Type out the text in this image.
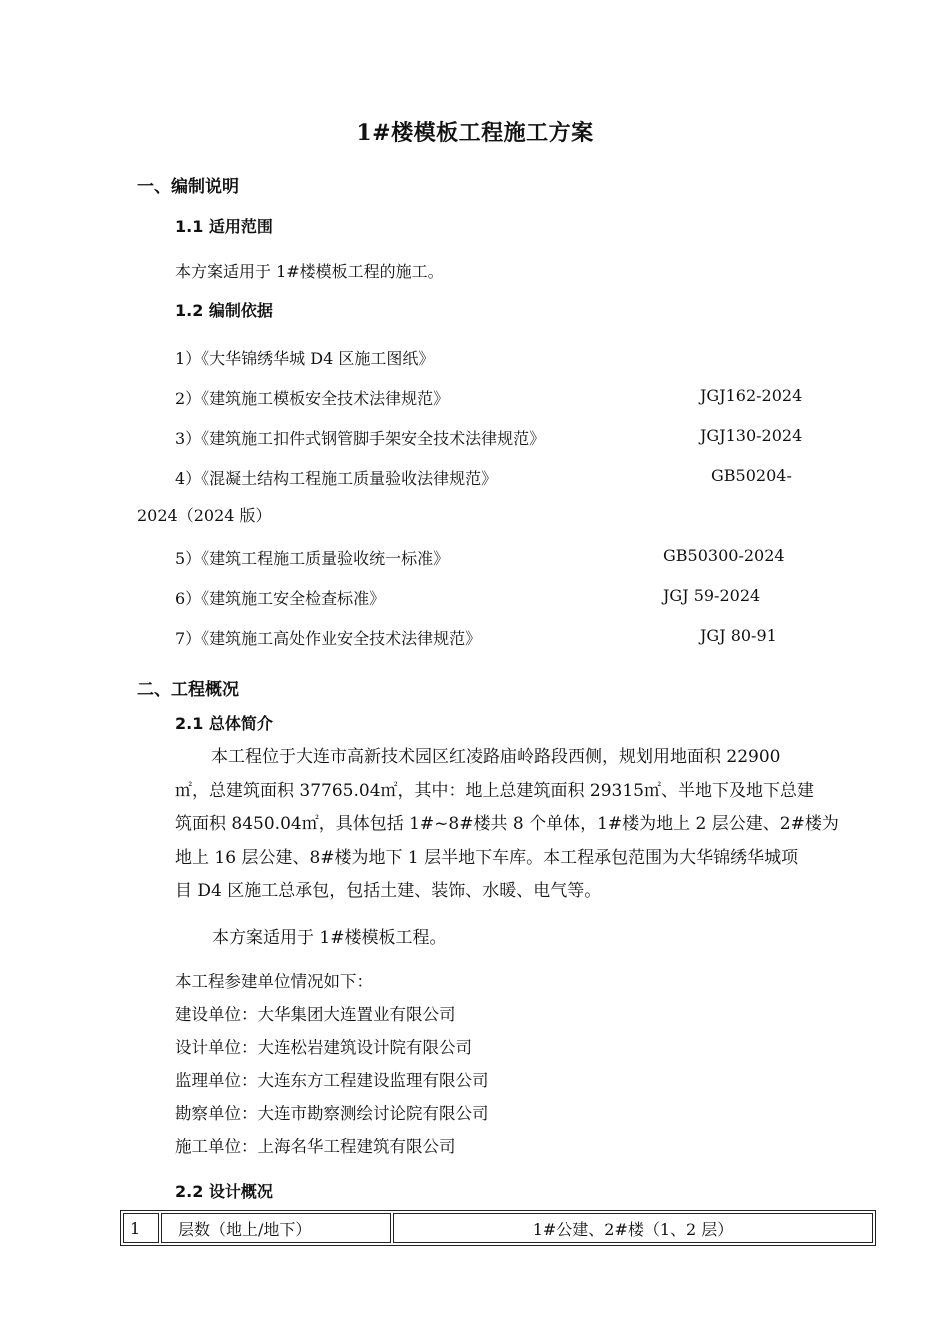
1#楼模板工程施工方案
一、编制说明
1.1 适用范围
本方案适用于 1#楼模板工程的施工。
1.2 编制依据
1）《大华锦绣华城 D4 区施工图纸》
2）《建筑施工模板安全技术法律规范》	JGJ162-2024
3）《建筑施工扣件式钢管脚手架安全技术法律规范》	JGJ130-2024
4）《混凝土结构工程施工质量验收法律规范》	GB50204-
2024（2024 版）
5）《建筑工程施工质量验收统一标准》	GB50300-2024
6）《建筑施工安全检查标准》	JGJ 59-2024
7）《建筑施工高处作业安全技术法律规范》	JGJ 80-91
二、工程概况
2.1 总体简介
本工程位于大连市高新技术园区红凌路庙岭路段西侧，规划用地面积 22900
㎡，总建筑面积 37765.04㎡，其中：地上总建筑面积 29315㎡、半地下及地下总建
筑面积 8450.04㎡，具体包括 1#~8#楼共 8 个单体，1#楼为地上 2 层公建、2#楼为
地上 16 层公建、8#楼为地下 1 层半地下车库。本工程承包范围为大华锦绣华城项
目 D4 区施工总承包，包括土建、装饰、水暖、电气等。
本方案适用于 1#楼模板工程。
本工程参建单位情况如下：
建设单位：大华集团大连置业有限公司
设计单位：大连松岩建筑设计院有限公司
监理单位：大连东方工程建设监理有限公司
勘察单位：大连市勘察测绘讨论院有限公司
施工单位：上海名华工程建筑有限公司
2.2 设计概况
1	层数（地上/地下）	1#公建、2#楼（1、2 层）
